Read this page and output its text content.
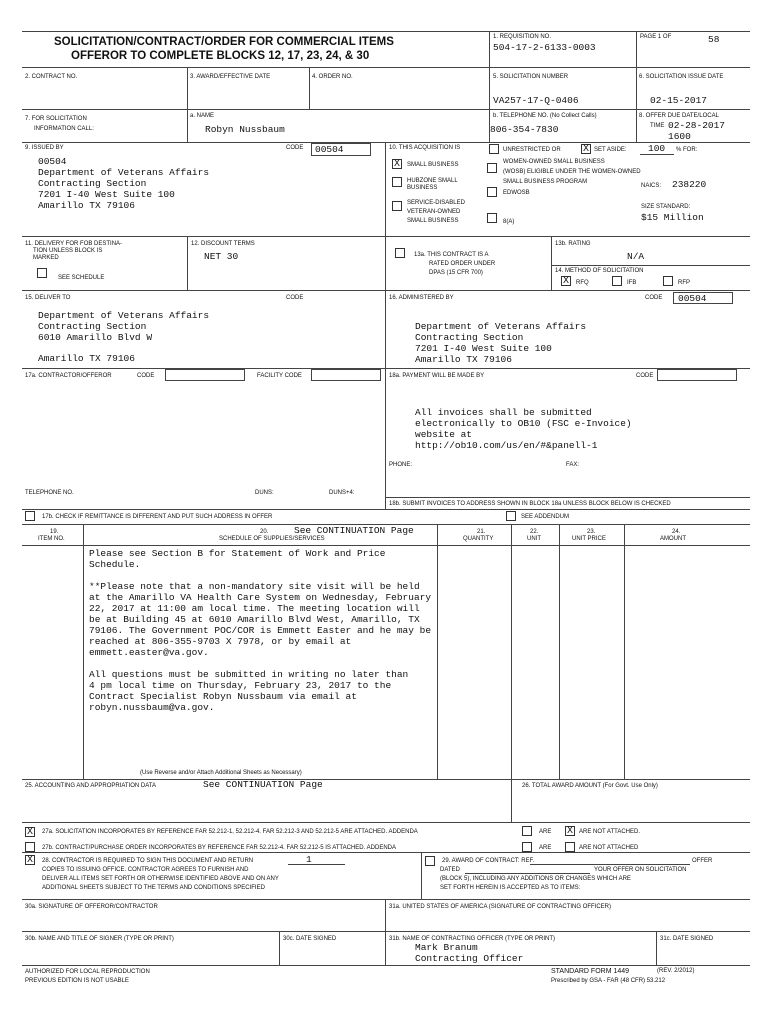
SOLICITATION/CONTRACT/ORDER FOR COMMERCIAL ITEMS
OFFEROR TO COMPLETE BLOCKS 12, 17, 23, 24, & 30
1. REQUISITION NO.
504-17-2-6133-0003
PAGE 1 OF	58
2. CONTRACT NO.	3. AWARD/EFFECTIVE DATE	4. ORDER NO.	5. SOLICITATION NUMBER
VA257-17-Q-0406
6. SOLICITATION ISSUE DATE
02-15-2017
7. FOR SOLICITATION
INFORMATION CALL:
a. NAME
Robyn Nussbaum
b. TELEPHONE NO. (No Collect Calls)
806-354-7830
8. OFFER DUE DATE/LOCAL
TIME 02-28-2017
1600
9. ISSUED BY	CODE 00504
00504
Department of Veterans Affairs
Contracting Section
7201 I-40 West Suite 100
Amarillo TX 79106
10. THIS ACQUISITION IS	UNRESTRICTED OR X SET ASIDE: 100 % FOR:
X	SMALL BUSINESS
HUBZONE SMALL
BUSINESS
SERVICE-DISABLED
VETERAN-OWNED
SMALL BUSINESS
WOMEN-OWNED SMALL BUSINESS
(WOSB) ELIGIBLE UNDER THE WOMEN-OWNED
SMALL BUSINESS PROGRAM
EDWOSB
8(A)
NAICS: 238220
SIZE STANDARD:
$15 Million
11. DELIVERY FOR FOB DESTINA-
TION UNLESS BLOCK IS
MARKED
SEE SCHEDULE
12. DISCOUNT TERMS
NET 30	13a. THIS CONTRACT IS A
RATED ORDER UNDER
DPAS (15 CFR 700)
13b. RATING
N/A
14. METHOD OF SOLICITATION
X	RFQ	IFB	RFP
15. DELIVER TO	CODE
Department of Veterans Affairs
Contracting Section
6010 Amarillo Blvd W
Amarillo TX 79106
16. ADMINISTERED BY	CODE 00504
Department of Veterans Affairs
Contracting Section
7201 I-40 West Suite 100
Amarillo TX 79106
17a. CONTRACTOR/OFFEROR	CODE	FACILITY CODE
TELEPHONE NO.	DUNS:	DUNS+4:
17b. CHECK IF REMITTANCE IS DIFFERENT AND PUT SUCH ADDRESS IN OFFER
18a. PAYMENT WILL BE MADE BY	CODE
All invoices shall be submitted
electronically to OB10 (FSC e-Invoice)
website at
http://ob10.com/us/en/#&panell-1
PHONE:	FAX:
18b. SUBMIT INVOICES TO ADDRESS SHOWN IN BLOCK 18a UNLESS BLOCK BELOW IS CHECKED
SEE ADDENDUM
19.
ITEM NO.
20.	See CONTINUATION Page
SCHEDULE OF SUPPLIES/SERVICES
21.
QUANTITY
22.
UNIT
23.
UNIT PRICE
24.
AMOUNT
Please see Section B for Statement of Work and Price
Schedule.
**Please note that a non-mandatory site visit will be held
at the Amarillo VA Health Care System on Wednesday, February
22, 2017 at 11:00 am local time. The meeting location will
be at Building 45 at 6010 Amarillo Blvd West, Amarillo, TX
79106. The Government POC/COR is Emmett Easter and he may be
reached at 806-355-9703 X 7978, or by email at
emmett.easter@va.gov.
All questions must be submitted in writing no later than
4 pm local time on Thursday, February 23, 2017 to the
Contract Specialist Robyn Nussbaum via email at
robyn.nussbaum@va.gov.
(Use Reverse and/or Attach Additional Sheets as Necessary)
25. ACCOUNTING AND APPROPRIATION DATA	See CONTINUATION Page	26. TOTAL AWARD AMOUNT (For Govt. Use Only)
X	27a. SOLICITATION INCORPORATES BY REFERENCE FAR 52.212-1, 52.212-4. FAR 52.212-3 AND 52.212-5 ARE ATTACHED. ADDENDA	ARE X	ARE NOT ATTACHED.
27b. CONTRACT/PURCHASE ORDER INCORPORATES BY REFERENCE FAR 52.212-4. FAR 52.212-5 IS ATTACHED. ADDENDA	ARE	ARE NOT ATTACHED
X	28. CONTRACTOR IS REQUIRED TO SIGN THIS DOCUMENT AND RETURN	1
COPIES TO ISSUING OFFICE. CONTRACTOR AGREES TO FURNISH AND
DELIVER ALL ITEMS SET FORTH OR OTHERWISE IDENTIFIED ABOVE AND ON ANY
ADDITIONAL SHEETS SUBJECT TO THE TERMS AND CONDITIONS SPECIFIED
29. AWARD OF CONTRACT: REF.	OFFER
DATED	YOUR OFFER ON SOLICITATION
(BLOCK 5), INCLUDING ANY ADDITIONS OR CHANGES WHICH ARE
SET FORTH HEREIN IS ACCEPTED AS TO ITEMS:
30a. SIGNATURE OF OFFEROR/CONTRACTOR	31a. UNITED STATES OF AMERICA (SIGNATURE OF CONTRACTING OFFICER)
30b. NAME AND TITLE OF SIGNER (TYPE OR PRINT)	30c. DATE SIGNED	31b. NAME OF CONTRACTING OFFICER (TYPE OR PRINT)
Mark Branum
Contracting Officer
31c. DATE SIGNED
AUTHORIZED FOR LOCAL REPRODUCTION
PREVIOUS EDITION IS NOT USABLE
STANDARD FORM 1449	(REV. 2/2012)
Prescribed by GSA - FAR (48 CFR) 53.212
